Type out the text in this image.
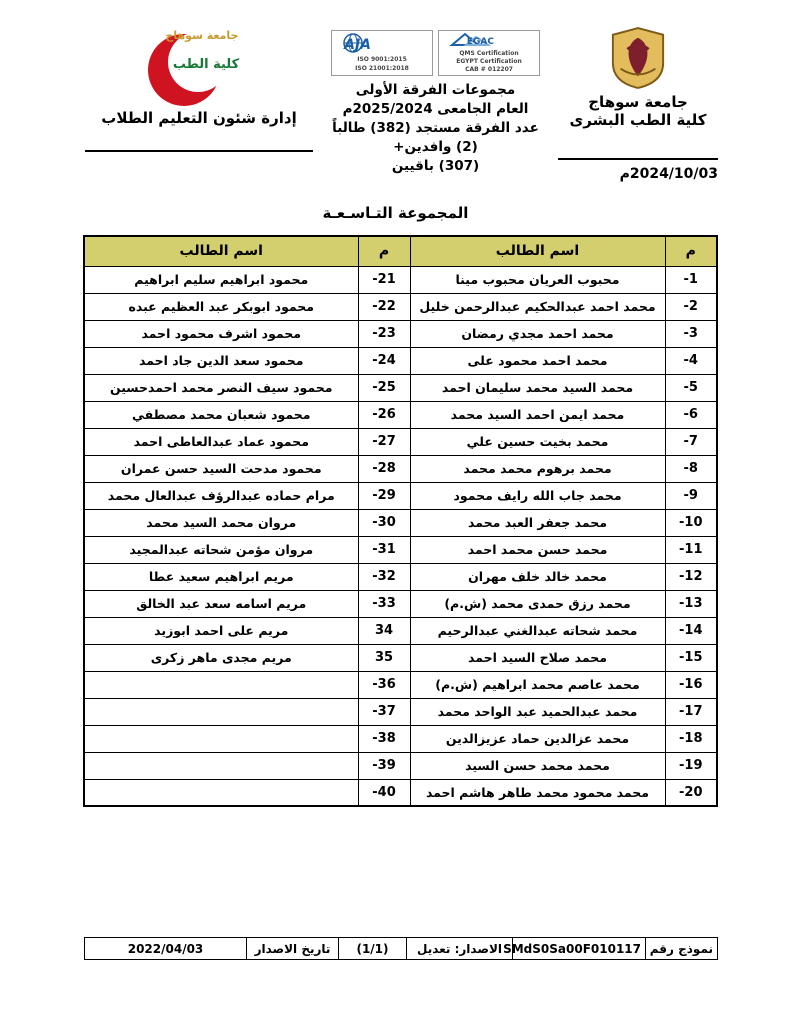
جامعة سوهاج
كلية الطب البشرى
2024/10/03م
EGAC
QMS Certification
EGYPT Certification
CAB # 012207
AJA
ISO 9001:2015
ISO 21001:2018
مجموعات الفرقة الأولى
العام الجامعى 2025/2024م
عدد الفرقة مستجد (382) طالباً (2) وافدين+
(307) باقيين
جامعة سوهاج
كلية الطب
إدارة شئون التعليم الطلاب
المجموعة التـاسـعـة
م	اسم الطالب	م	اسم الطالب
-1	محبوب العريان محبوب مينا	-21	محمود ابراهيم سليم ابراهيم
-2	محمد احمد عبدالحكيم عبدالرحمن خليل	-22	محمود ابوبكر عبد العظيم عبده
-3	محمد احمد مجدي رمضان	-23	محمود اشرف محمود احمد
-4	محمد احمد محمود على	-24	محمود سعد الدين جاد احمد
-5	محمد السيد محمد سليمان احمد	-25	محمود سيف النصر محمد احمدحسين
-6	محمد ايمن احمد السيد محمد	-26	محمود شعبان محمد مصطفي
-7	محمد بخيت حسين علي	-27	محمود عماد عبدالعاطى احمد
-8	محمد برهوم محمد محمد	-28	محمود مدحت السيد حسن عمران
-9	محمد جاب الله رايف محمود	-29	مرام حماده عبدالرؤف عبدالعال محمد
-10	محمد جعفر العبد محمد	-30	مروان محمد السيد محمد
-11	محمد حسن محمد احمد	-31	مروان مؤمن شحاته عبدالمجيد
-12	محمد خالد خلف مهران	-32	مريم ابراهيم سعيد عطا
-13	محمد رزق حمدى محمد (ش.م)	-33	مريم اسامه سعد عبد الخالق
-14	محمد شحاته عبدالغني عبدالرحيم	34	مريم على احمد ابوزيد
-15	محمد صلاح السيد احمد	35	مريم مجدى ماهر زكرى
-16	محمد عاصم محمد ابراهيم (ش.م)	-36	
-17	محمد عبدالحميد عبد الواحد محمد	-37	
-18	محمد عزالدين حماد عزيزالدين	-38	
-19	محمد محمد حسن السيد	-39	
-20	محمد محمود محمد طاهر هاشم احمد	-40	
نموذج رقم	SMdS0Sa00F010117	الاصدار: تعديل	(1/1)	تاريخ الاصدار	2022/04/03
